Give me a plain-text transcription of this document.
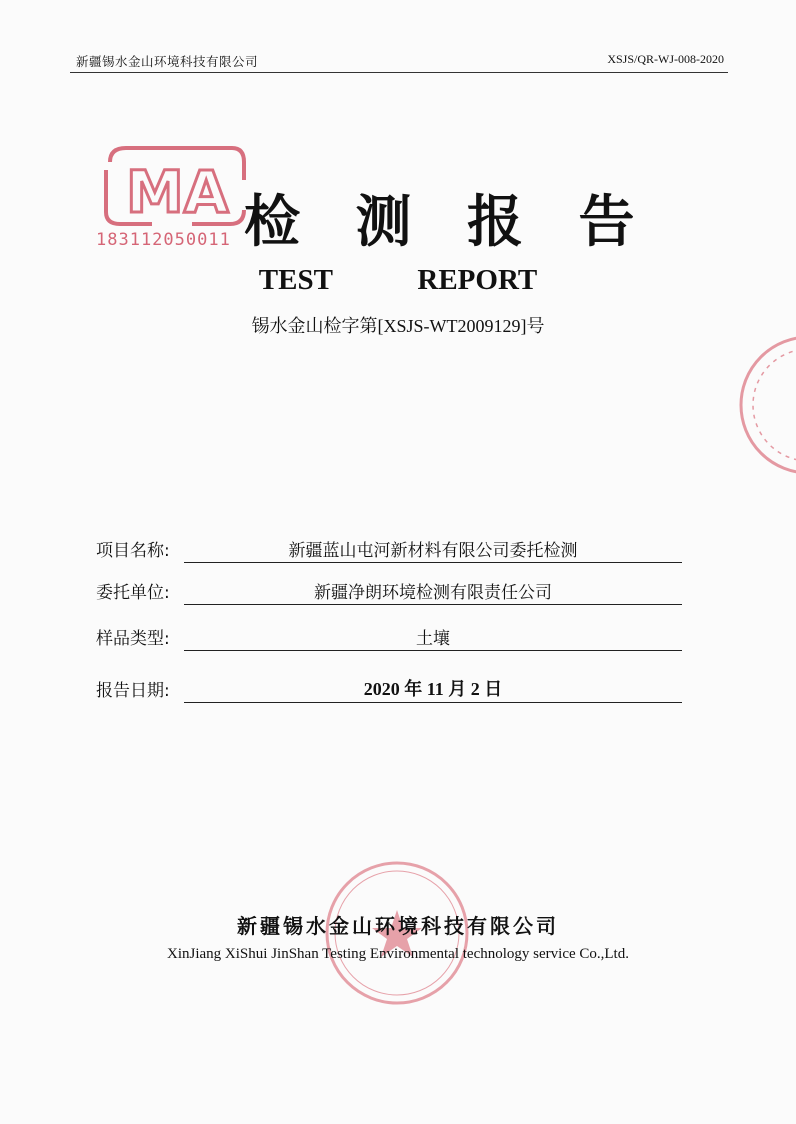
新疆锡水金山环境科技有限公司	XSJS/QR-WJ-008-2020
MA
183112050011 检 测 报 告
TEST    REPORT
锡水金山检字第[XSJS-WT2009129]号
项目名称:	新疆蓝山屯河新材料有限公司委托检测
委托单位:	新疆净朗环境检测有限责任公司
样品类型:	土壤
报告日期:	2020 年 11 月 2 日
新疆锡水金山环境科技有限公司
XinJiang XiShui JinShan Testing Environmental technology service Co.,Ltd.
